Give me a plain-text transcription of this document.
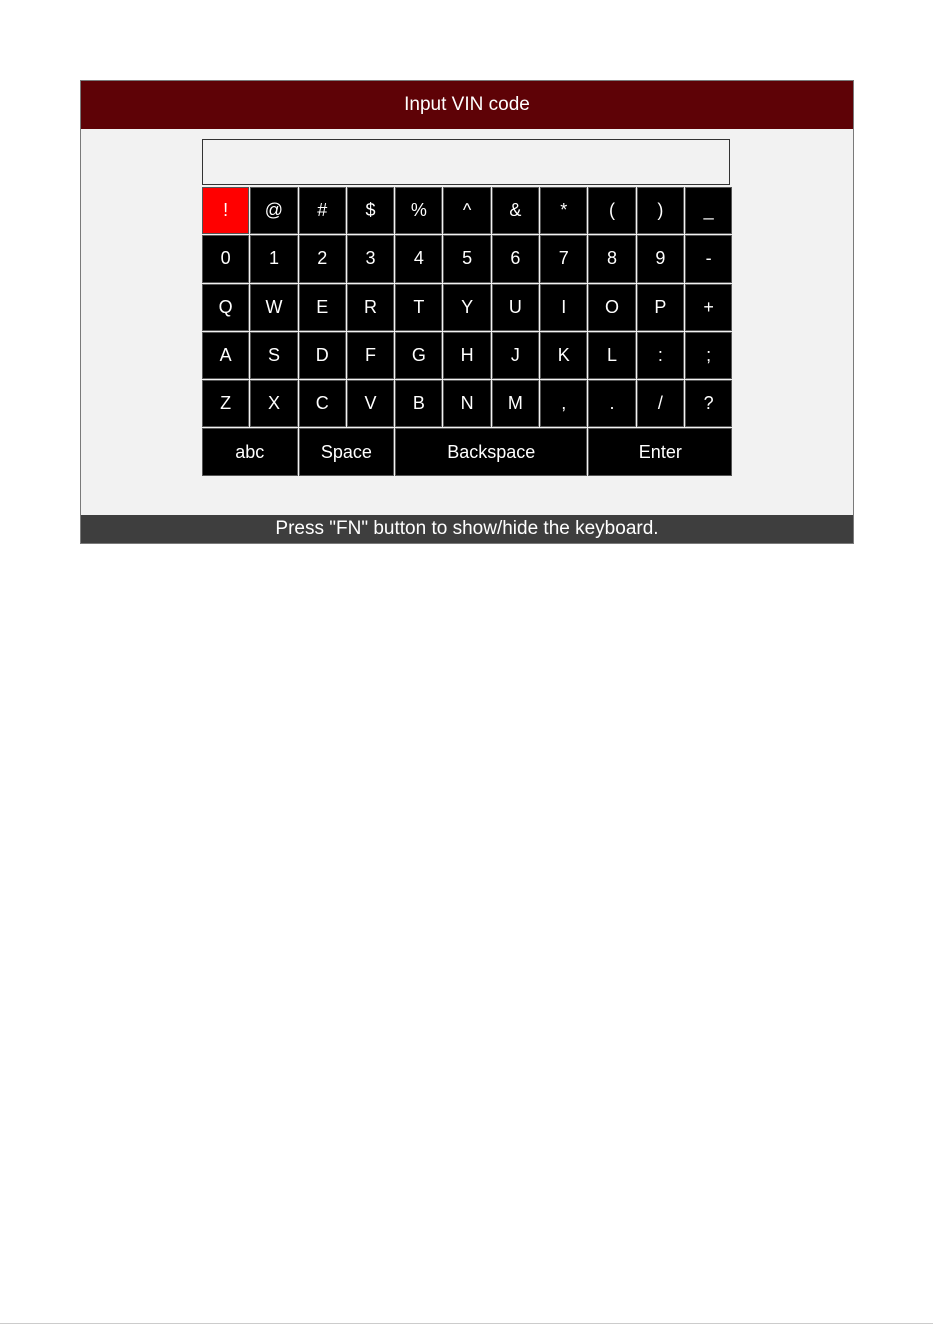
Input VIN code
!	@	#	$	%	^	&	*	(	)	_
0	1	2	3	4	5	6	7	8	9	-
Q	W	E	R	T	Y	U	I	O	P	+
A	S	D	F	G	H	J	K	L	:	;
Z	X	C	V	B	N	M	,	.	/	?
abc	Space	Backspace	Enter
Press "FN" button to show/hide the keyboard.
